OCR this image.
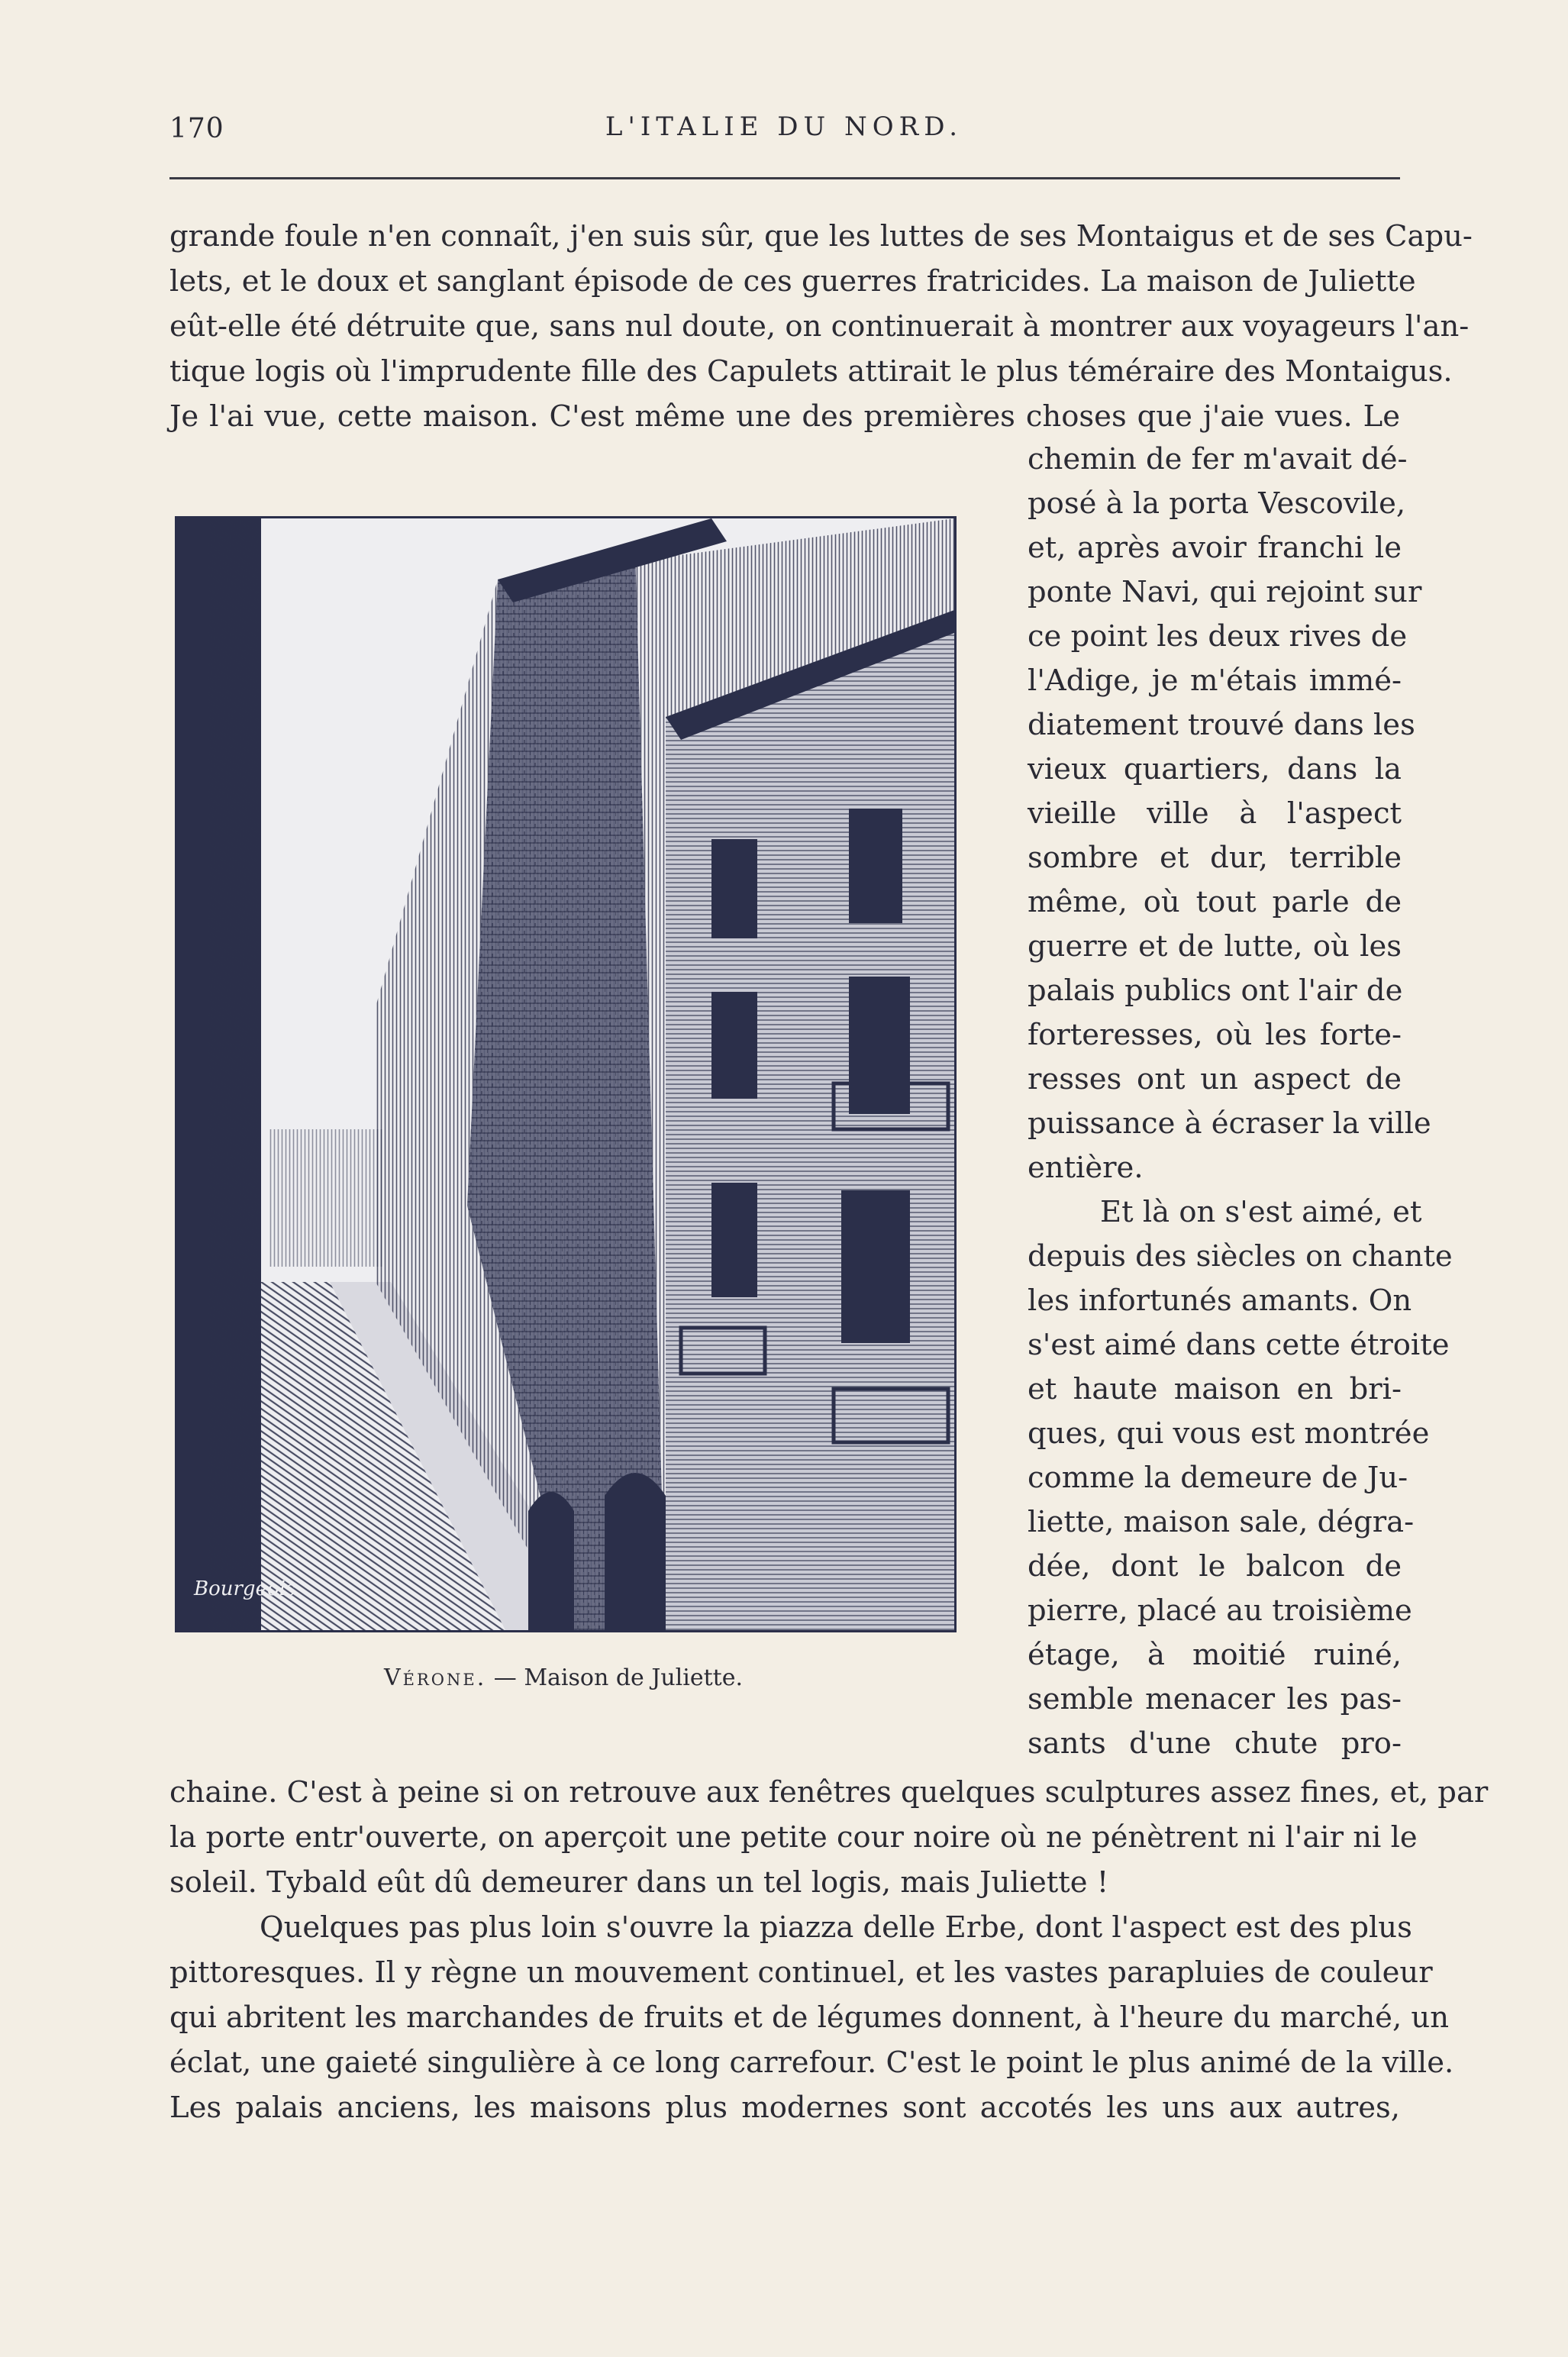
170	L'ITALIE DU NORD.
grande foule n'en connaît, j'en suis sûr, que les luttes de ses Montaigus et de ses Capu-
lets, et le doux et sanglant épisode de ces guerres fratricides. La maison de Juliette
eût-elle été détruite que, sans nul doute, on continuerait à montrer aux voyageurs l'an-
tique logis où l'imprudente fille des Capulets attirait le plus téméraire des Montaigus.
Je l'ai vue, cette maison. C'est même une des premières choses que j'aie vues. Le
Bourgeois
Vérone. — Maison de Juliette.
chemin de fer m'avait dé-
posé à la porta Vescovile,
et, après avoir franchi le
ponte Navi, qui rejoint sur
ce point les deux rives de
l'Adige, je m'étais immé-
diatement trouvé dans les
vieux quartiers, dans la
vieille ville à l'aspect
sombre et dur, terrible
même, où tout parle de
guerre et de lutte, où les
palais publics ont l'air de
forteresses, où les forte-
resses ont un aspect de
puissance à écraser la ville
entière.
Et là on s'est aimé, et
depuis des siècles on chante
les infortunés amants. On
s'est aimé dans cette étroite
et haute maison en bri-
ques, qui vous est montrée
comme la demeure de Ju-
liette, maison sale, dégra-
dée, dont le balcon de
pierre, placé au troisième
étage, à moitié ruiné,
semble menacer les pas-
sants d'une chute pro-
chaine. C'est à peine si on retrouve aux fenêtres quelques sculptures assez fines, et, par
la porte entr'ouverte, on aperçoit une petite cour noire où ne pénètrent ni l'air ni le
soleil. Tybald eût dû demeurer dans un tel logis, mais Juliette !
Quelques pas plus loin s'ouvre la piazza delle Erbe, dont l'aspect est des plus
pittoresques. Il y règne un mouvement continuel, et les vastes parapluies de couleur
qui abritent les marchandes de fruits et de légumes donnent, à l'heure du marché, un
éclat, une gaieté singulière à ce long carrefour. C'est le point le plus animé de la ville.
Les palais anciens, les maisons plus modernes sont accotés les uns aux autres,
